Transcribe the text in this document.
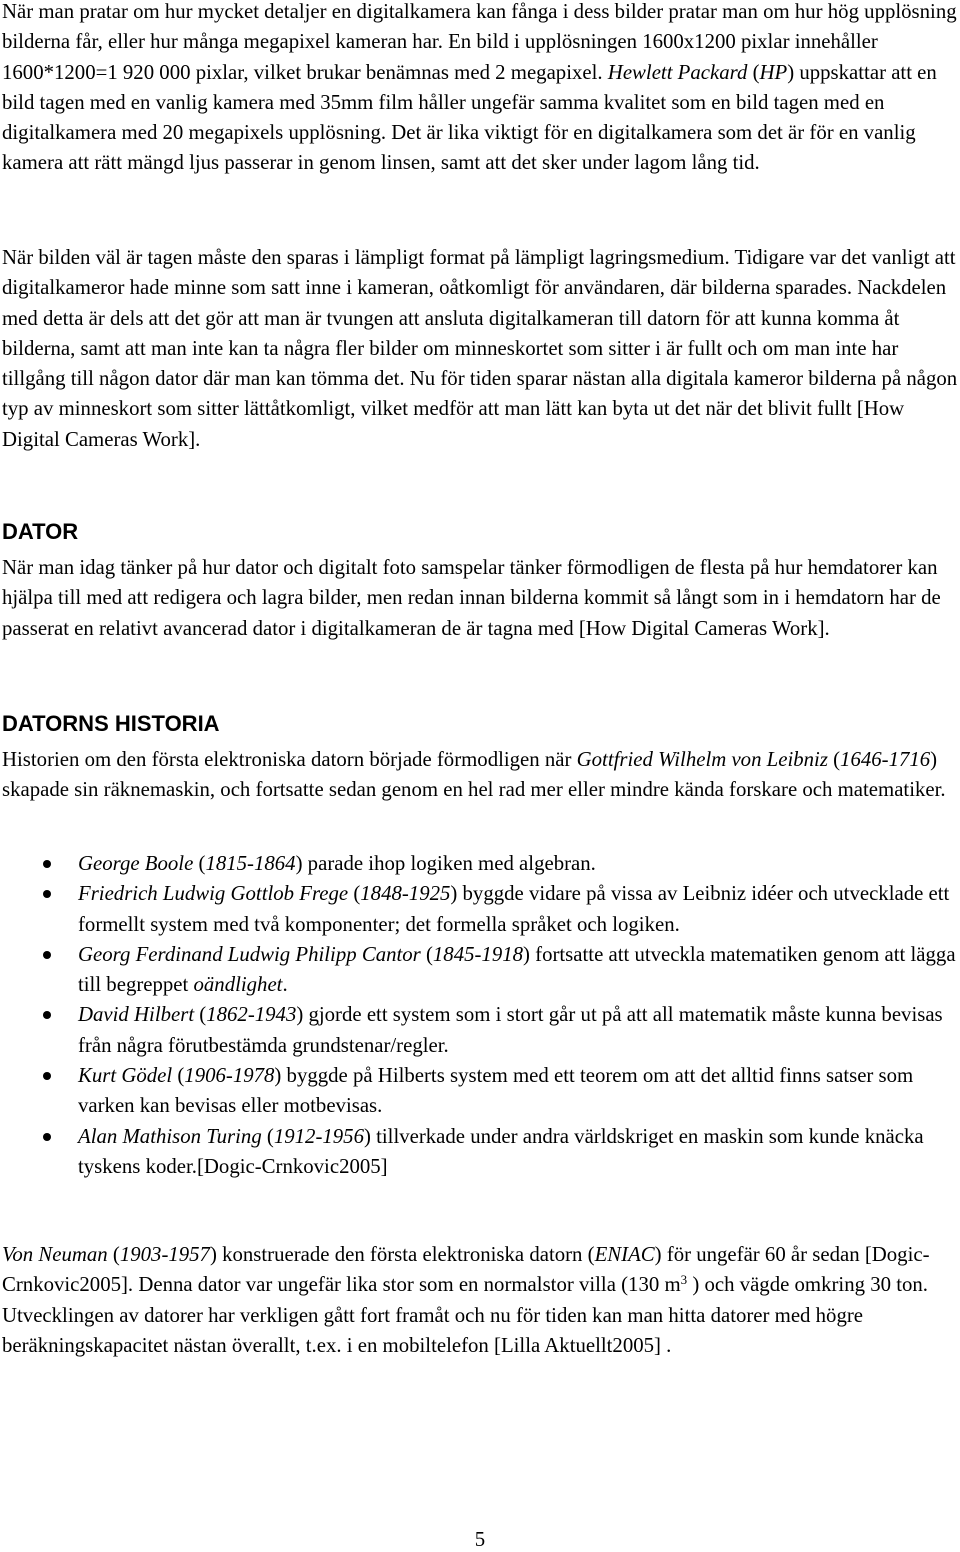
När man pratar om hur mycket detaljer en digitalkamera kan fånga i dess bilder pratar man om hur hög upplösning bilderna får, eller hur många megapixel kameran har. En bild i upplösningen 1600x1200 pixlar innehåller 1600*1200=1 920 000 pixlar, vilket brukar benämnas med 2 megapixel. Hewlett Packard (HP) uppskattar att en bild tagen med en vanlig kamera med 35mm film håller ungefär samma kvalitet som en bild tagen med en digitalkamera med 20 megapixels upplösning. Det är lika viktigt för en digitalkamera som det är för en vanlig kamera att rätt mängd ljus passerar in genom linsen, samt att det sker under lagom lång tid.

När bilden väl är tagen måste den sparas i lämpligt format på lämpligt lagringsmedium. Tidigare var det vanligt att digitalkameror hade minne som satt inne i kameran, oåtkomligt för användaren, där bilderna sparades. Nackdelen med detta är dels att det gör att man är tvungen att ansluta digitalkameran till datorn för att kunna komma åt bilderna, samt att man inte kan ta några fler bilder om minneskortet som sitter i är fullt och om man inte har tillgång till någon dator där man kan tömma det. Nu för tiden sparar nästan alla digitala kameror bilderna på någon typ av minneskort som sitter lättåtkomligt, vilket medför att man lätt kan byta ut det när det blivit fullt [How Digital Cameras Work].

DATOR

När man idag tänker på hur dator och digitalt foto samspelar tänker förmodligen de flesta på hur hemdatorer kan hjälpa till med att redigera och lagra bilder, men redan innan bilderna kommit så långt som in i hemdatorn har de passerat en relativt avancerad dator i digitalkameran de är tagna med [How Digital Cameras Work].

DATORNS HISTORIA

Historien om den första elektroniska datorn började förmodligen när Gottfried Wilhelm von Leibniz (1646-1716) skapade sin räknemaskin, och fortsatte sedan genom en hel rad mer eller mindre kända forskare och matematiker.

George Boole (1815-1864) parade ihop logiken med algebran.
Friedrich Ludwig Gottlob Frege (1848-1925) byggde vidare på vissa av Leibniz idéer och utvecklade ett formellt system med två komponenter; det formella språket och logiken.
Georg Ferdinand Ludwig Philipp Cantor (1845-1918) fortsatte att utveckla matematiken genom att lägga till begreppet oändlighet.
David Hilbert (1862-1943) gjorde ett system som i stort går ut på att all matematik måste kunna bevisas från några förutbestämda grundstenar/regler.
Kurt Gödel (1906-1978) byggde på Hilberts system med ett teorem om att det alltid finns satser som varken kan bevisas eller motbevisas.
Alan Mathison Turing (1912-1956) tillverkade under andra världskriget en maskin som kunde knäcka tyskens koder.[Dogic-Crnkovic2005]

Von Neuman (1903-1957) konstruerade den första elektroniska datorn (ENIAC) för ungefär 60 år sedan [Dogic-Crnkovic2005]. Denna dator var ungefär lika stor som en normalstor villa (130 $m^3$ ) och vägde omkring 30 ton. Utvecklingen av datorer har verkligen gått fort framåt och nu för tiden kan man hitta datorer med högre beräkningskapacitet nästan överallt, t.ex. i en mobiltelefon [Lilla Aktuellt2005] .

5
